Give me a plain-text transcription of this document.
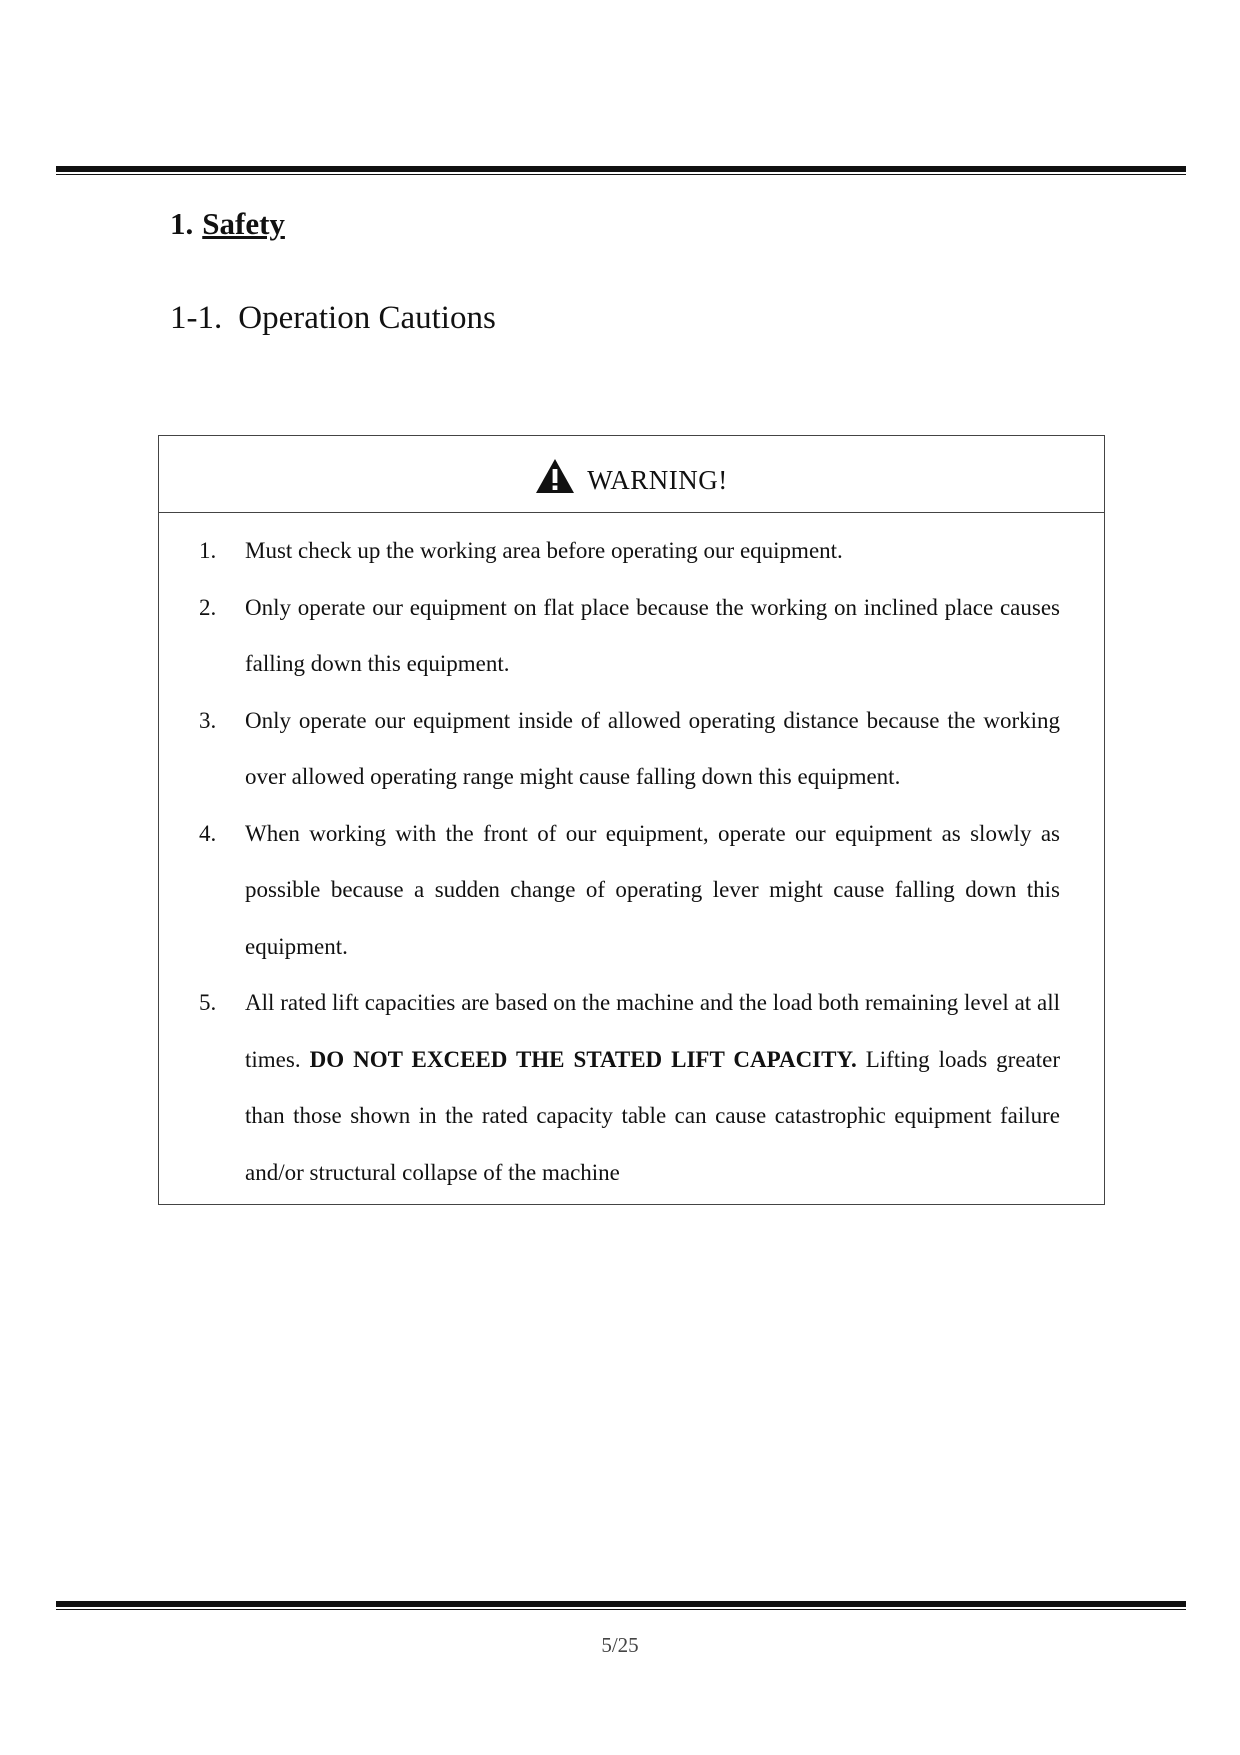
1. Safety
1-1. Operation Cautions
WARNING!
1.	Must check up the working area before operating our equipment.
2.	Only operate our equipment on flat place because the working on inclined place causes falling down this equipment.
3.	Only operate our equipment inside of allowed operating distance because the working over allowed operating range might cause falling down this equipment.
4.	When working with the front of our equipment, operate our equipment as slowly as possible because a sudden change of operating lever might cause falling down this equipment.
5.	All rated lift capacities are based on the machine and the load both remaining level at all times. DO NOT EXCEED THE STATED LIFT CAPACITY. Lifting loads greater than those shown in the rated capacity table can cause catastrophic equipment failure and/or structural collapse of the machine
5/25
